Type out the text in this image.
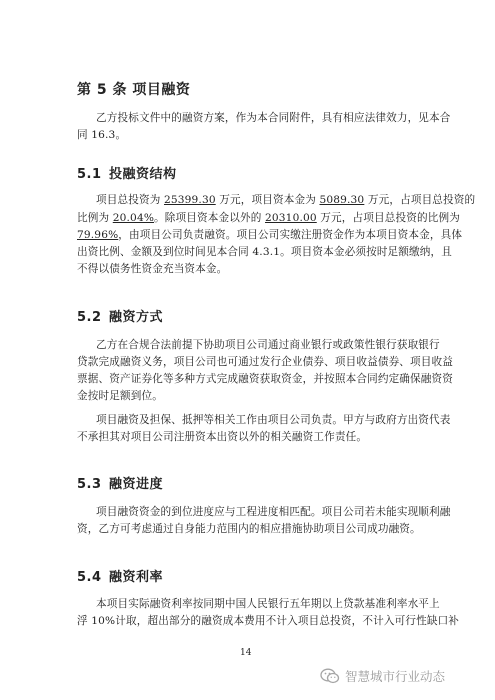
第 5 条 项目融资
乙方投标文件中的融资方案，作为本合同附件，具有相应法律效力，见本合
同 16.3。
5.1 投融资结构
项目总投资为 25399.30 万元，项目资本金为 5089.30 万元，占项目总投资的
比例为 20.04%。除项目资本金以外的 20310.00 万元，占项目总投资的比例为
79.96%，由项目公司负责融资。项目公司实缴注册资金作为本项目资本金，具体
出资比例、金额及到位时间见本合同 4.3.1。项目资本金必须按时足额缴纳，且
不得以债务性资金充当资本金。
5.2 融资方式
乙方在合规合法前提下协助项目公司通过商业银行或政策性银行获取银行
贷款完成融资义务，项目公司也可通过发行企业债券、项目收益债券、项目收益
票据、资产证券化等多种方式完成融资获取资金，并按照本合同约定确保融资资
金按时足额到位。
项目融资及担保、抵押等相关工作由项目公司负责。甲方与政府方出资代表
不承担其对项目公司注册资本出资以外的相关融资工作责任。
5.3 融资进度
项目融资资金的到位进度应与工程进度相匹配。项目公司若未能实现顺利融
资，乙方可考虑通过自身能力范围内的相应措施协助项目公司成功融资。
5.4 融资利率
本项目实际融资利率按同期中国人民银行五年期以上贷款基准利率水平上
浮 10%计取，超出部分的融资成本费用不计入项目总投资，不计入可行性缺口补
14
智慧城市行业动态
